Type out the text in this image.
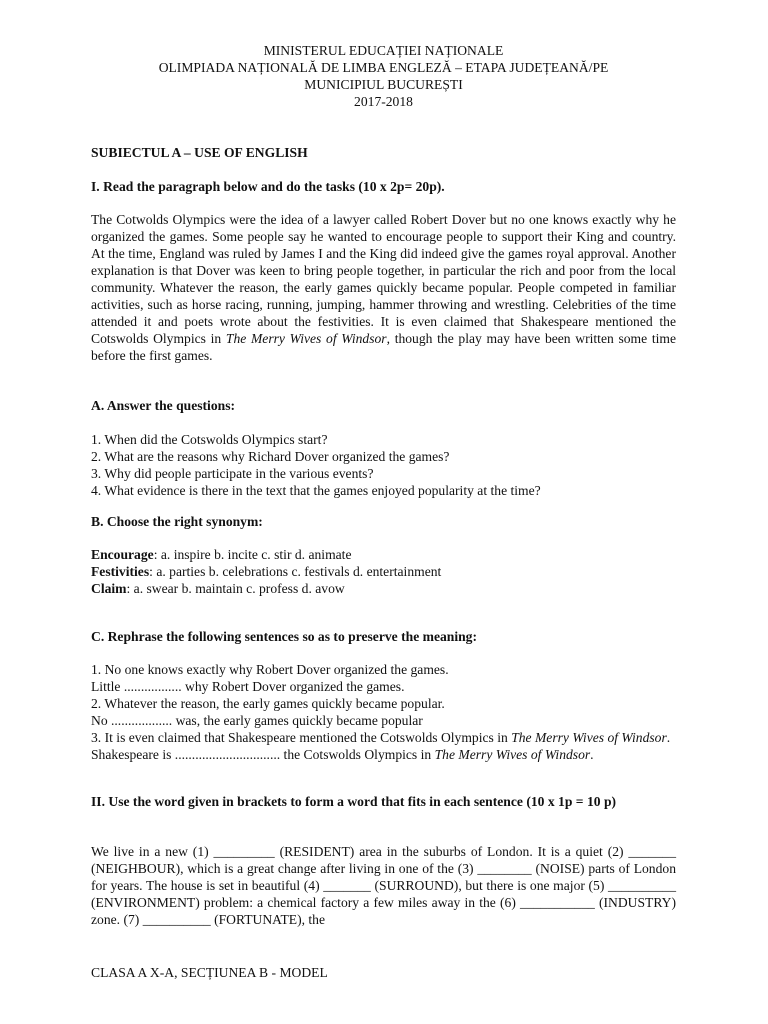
MINISTERUL EDUCAȚIEI NAȚIONALE
OLIMPIADA NAȚIONALĂ DE LIMBA ENGLEZĂ – ETAPA JUDEȚEANĂ/PE
MUNICIPIUL BUCUREȘTI
2017-2018
SUBIECTUL A – USE OF ENGLISH
I. Read the paragraph below and do the tasks (10 x 2p= 20p).
The Cotwolds Olympics were the idea of a lawyer called Robert Dover but no one knows exactly why he organized the games. Some people say he wanted to encourage people to support their King and country. At the time, England was ruled by James I and the King did indeed give the games royal approval. Another explanation is that Dover was keen to bring people together, in particular the rich and poor from the local community. Whatever the reason, the early games quickly became popular. People competed in familiar activities, such as horse racing, running, jumping, hammer throwing and wrestling. Celebrities of the time attended it and poets wrote about the festivities. It is even claimed that Shakespeare mentioned the Cotswolds Olympics in The Merry Wives of Windsor, though the play may have been written some time before the first games.
A. Answer the questions:
1. When did the Cotswolds Olympics start?
2. What are the reasons why Richard Dover organized the games?
3. Why did people participate in the various events?
4. What evidence is there in the text that the games enjoyed popularity at the time?
B. Choose the right synonym:
Encourage: a. inspire b. incite c. stir d. animate
Festivities: a. parties b. celebrations c. festivals d. entertainment
Claim: a. swear b. maintain c. profess d. avow
C. Rephrase the following sentences so as to preserve the meaning:
1. No one knows exactly why Robert Dover organized the games.
Little ................. why Robert Dover organized the games.
2. Whatever the reason, the early games quickly became popular.
No .................. was, the early games quickly became popular
3. It is even claimed that Shakespeare mentioned the Cotswolds Olympics in The Merry Wives of Windsor.
Shakespeare is ............................... the Cotswolds Olympics in The Merry Wives of Windsor.
II. Use the word given in brackets to form a word that fits in each sentence (10 x 1p = 10 p)
We live in a new (1) _________ (RESIDENT) area in the suburbs of London. It is a quiet (2) _______ (NEIGHBOUR), which is a great change after living in one of the (3) ________ (NOISE) parts of London for years. The house is set in beautiful (4) _______ (SURROUND), but there is one major (5) __________ (ENVIRONMENT) problem: a chemical factory a few miles away in the (6) ___________ (INDUSTRY) zone. (7) __________ (FORTUNATE), the
CLASA A X-A, SECȚIUNEA B - MODEL
